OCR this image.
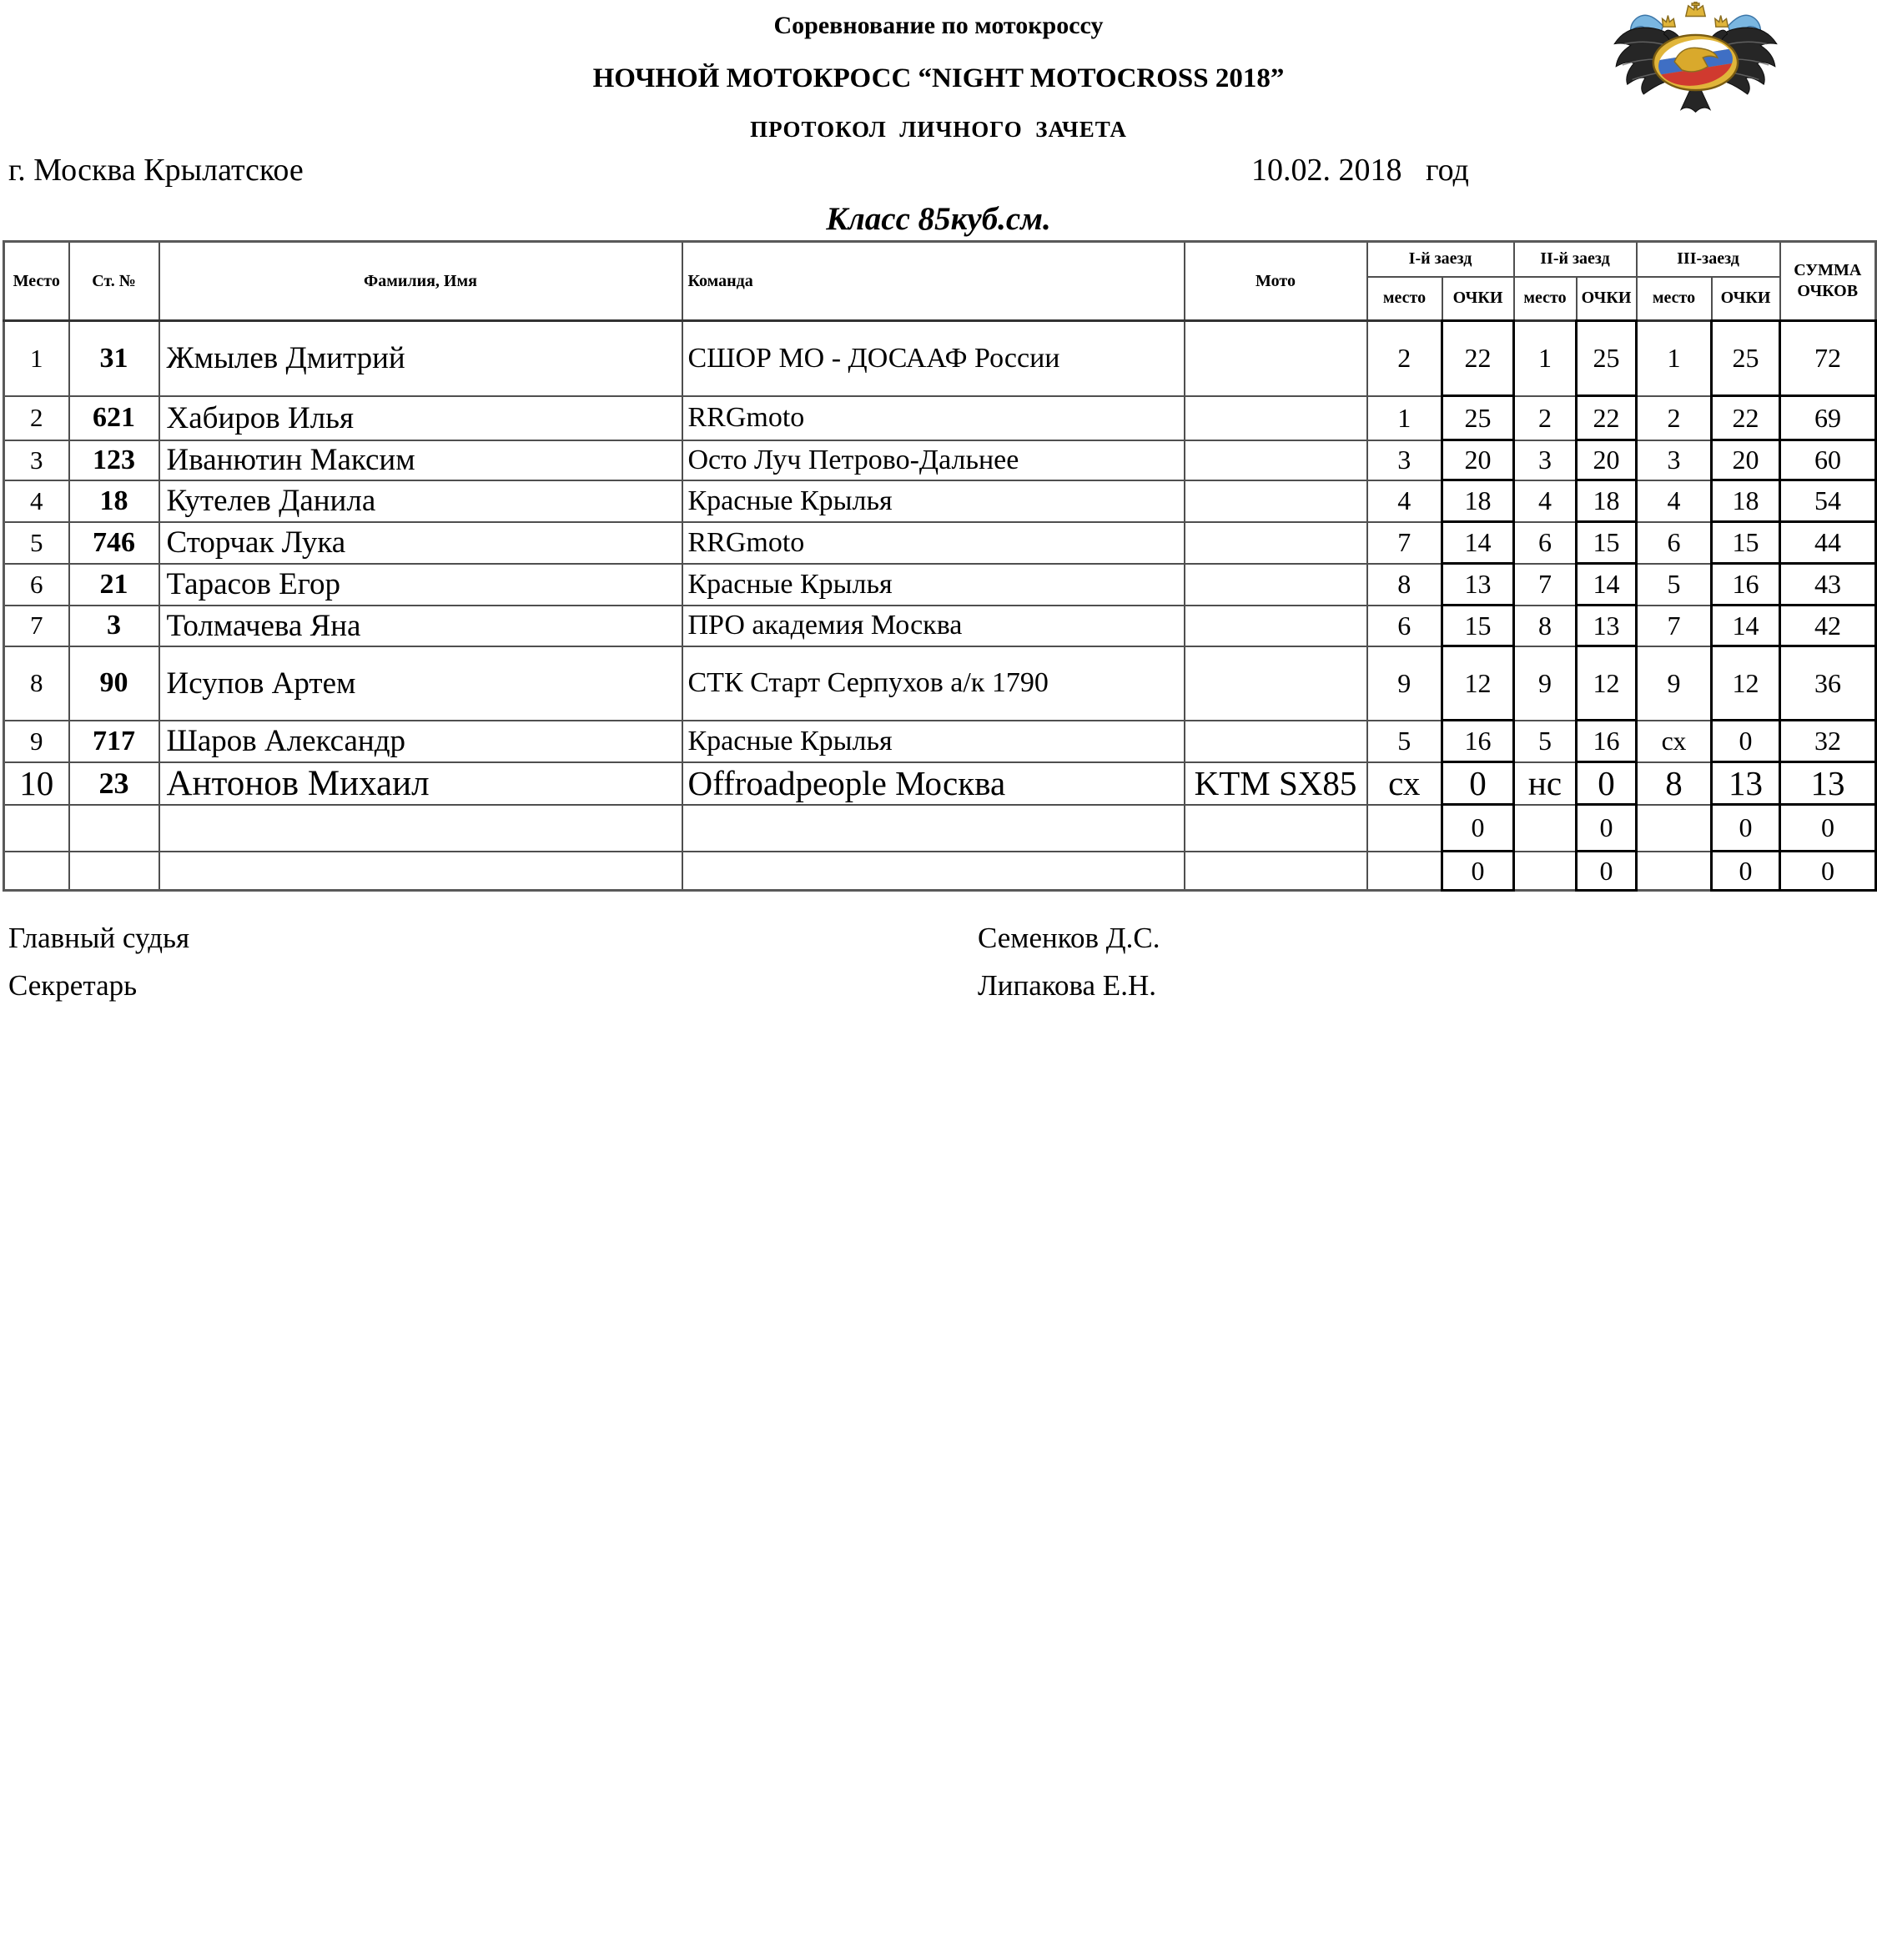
Соревнование по мотокроссу
НОЧНОЙ МОТОКРОСС “NIGHT MOTOCROSS 2018”
ПРОТОКОЛ  ЛИЧНОГО  ЗАЧЕТА
г. Москва Крылатское	10.02. 2018   год
Класс 85куб.см.
Место	Ст. №	Фамилия, Имя	Команда	Мото	I-й заезд		II-й заезд		III-заезд		СУММА ОЧКОВ
					место	ОЧКИ	место	ОЧКИ	место	ОЧКИ	
1	31	Жмылев Дмитрий	СШОР МО - ДОСААФ России		2	22	1	25	1	25	72
2	621	Хабиров Илья	RRGmoto		1	25	2	22	2	22	69
3	123	Иванютин Максим	Осто Луч Петрово-Дальнее		3	20	3	20	3	20	60
4	18	Кутелев Данила	Красные Крылья		4	18	4	18	4	18	54
5	746	Сторчак Лука	RRGmoto		7	14	6	15	6	15	44
6	21	Тарасов Егор	Красные Крылья		8	13	7	14	5	16	43
7	3	Толмачева Яна	ПРО академия Москва		6	15	8	13	7	14	42
8	90	Исупов Артем	СТК Старт Серпухов а/к 1790		9	12	9	12	9	12	36
9	717	Шаров Александр	Красные Крылья		5	16	5	16	сх	0	32
10	23	Антонов Михаил	Offroadpeople Москва	KTM SX85	сх	0	нс	0	8	13	13
						0		0		0	0
						0		0		0	0
Главный судья	Семенков Д.С.
Секретарь	Липакова Е.Н.
